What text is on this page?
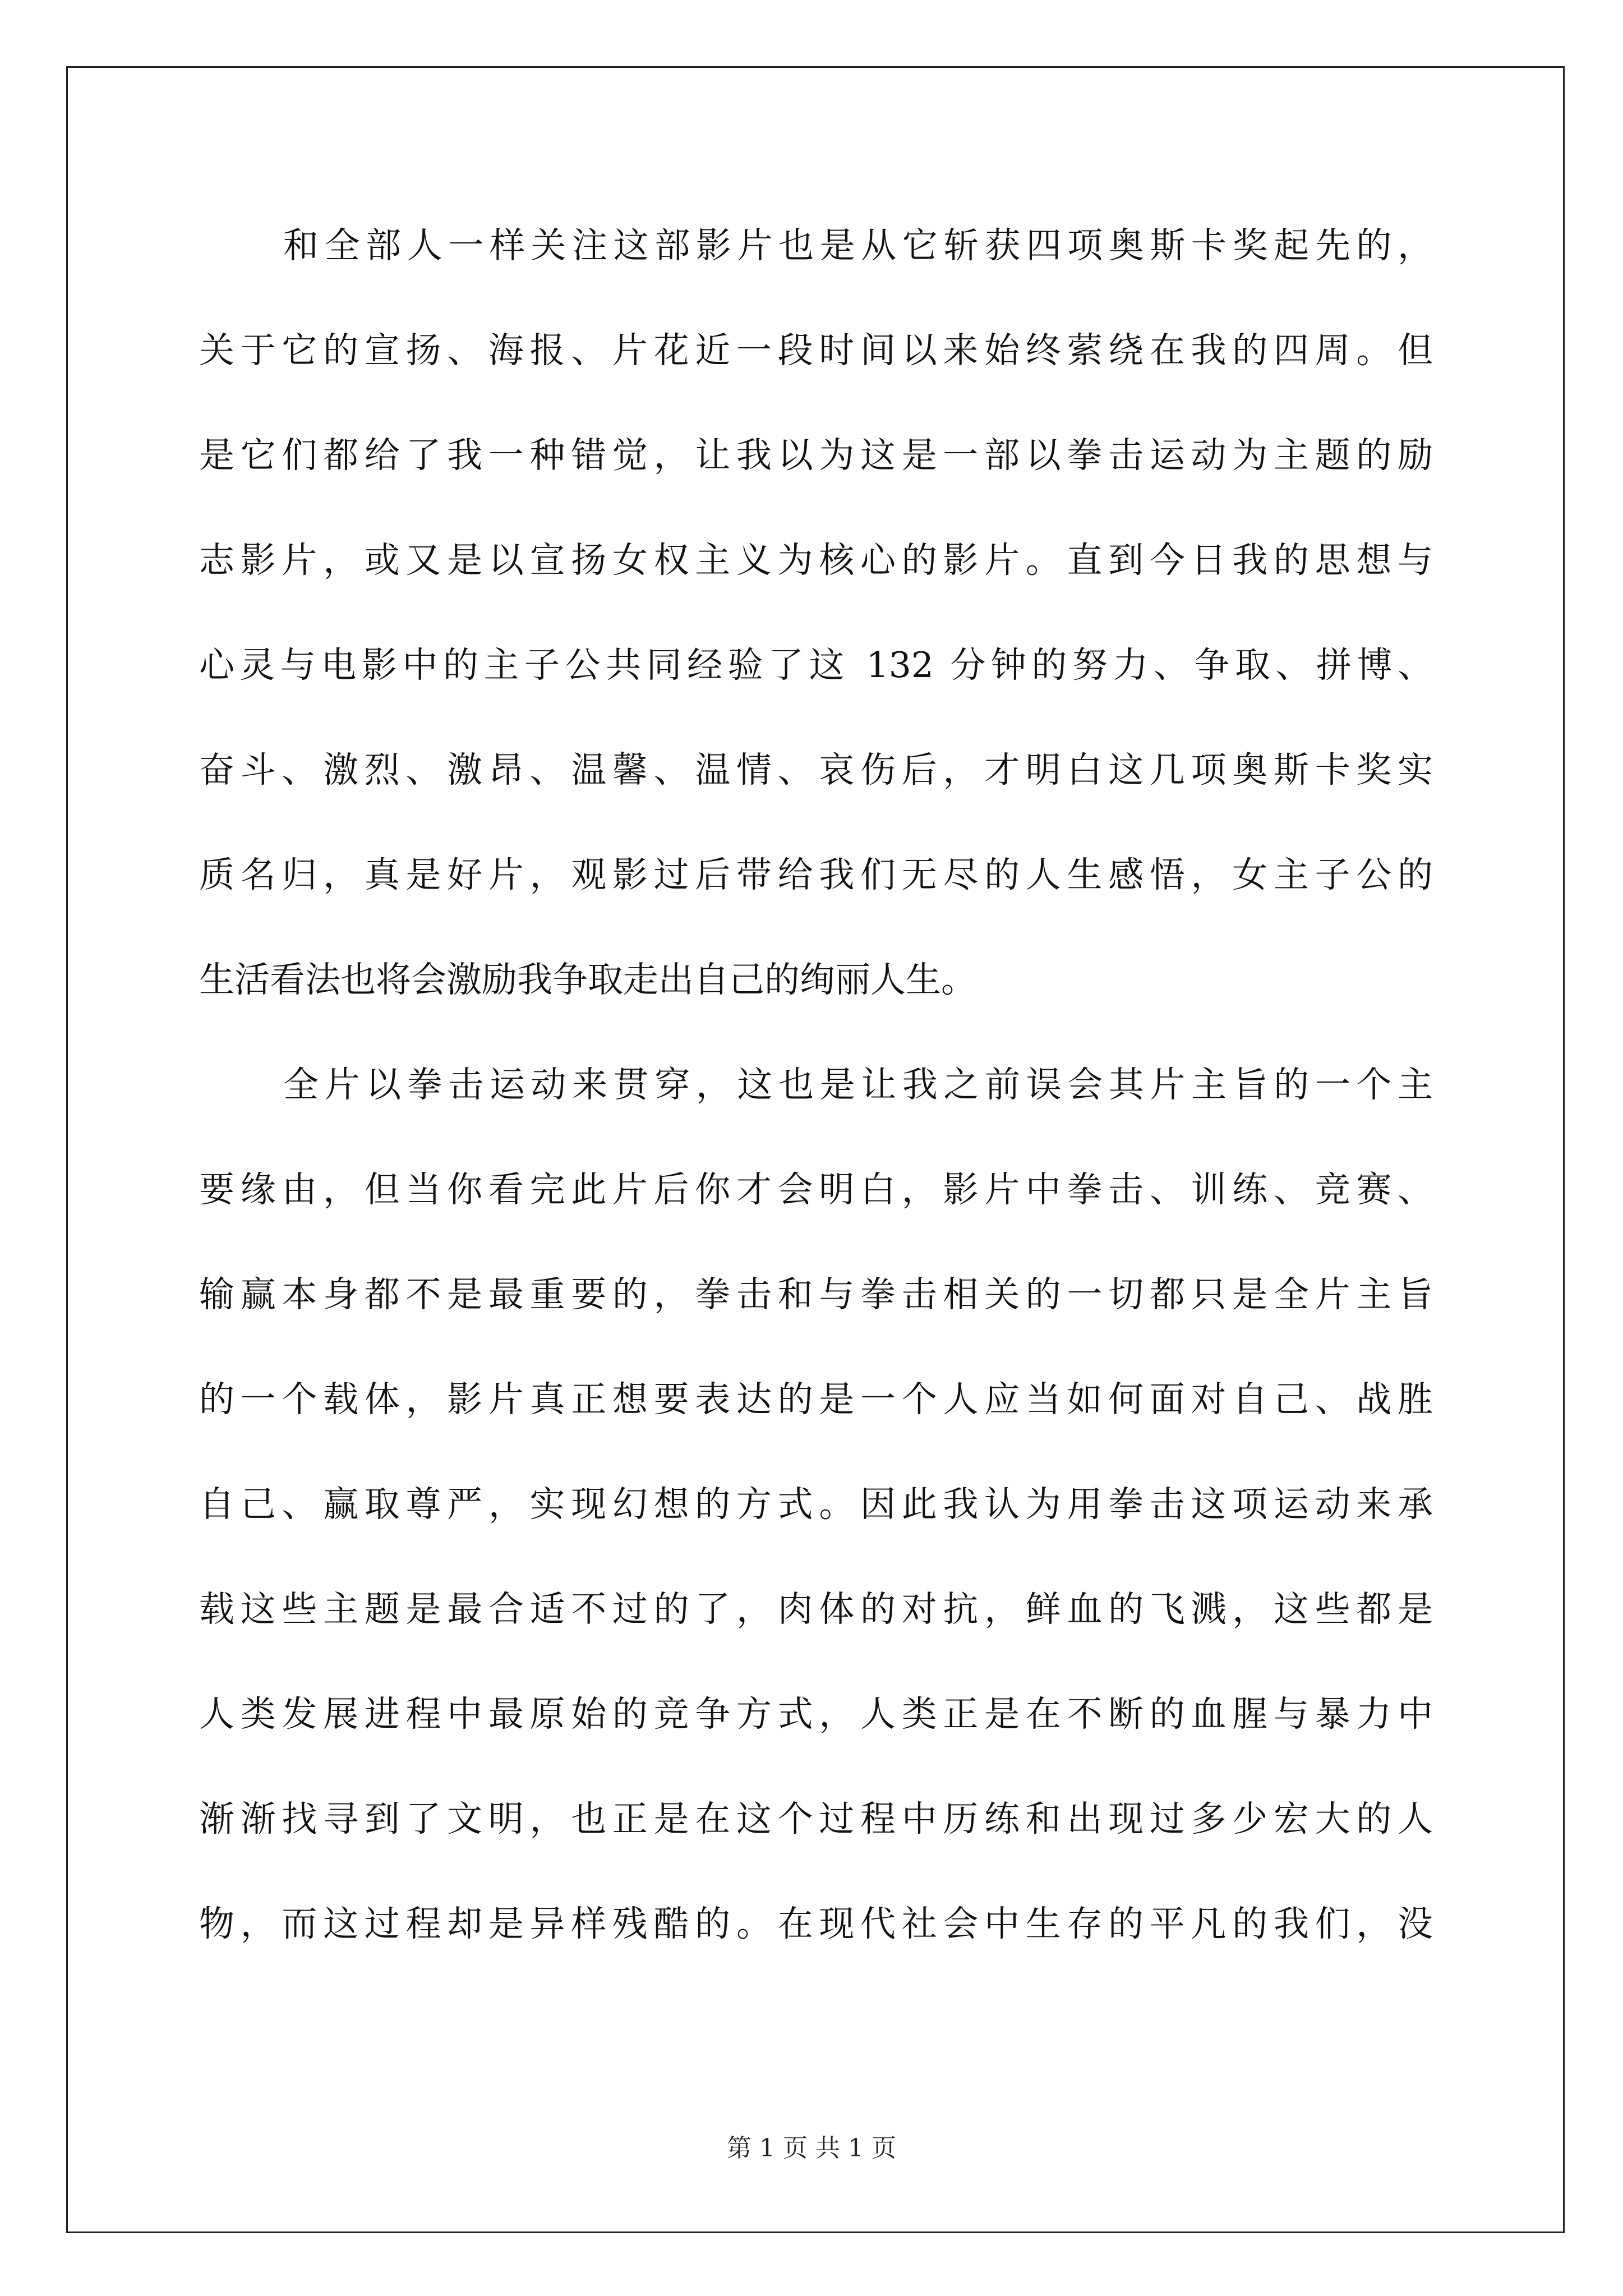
和全部人一样关注这部影片也是从它斩获四项奥斯卡奖起先的，
关于它的宣扬、海报、片花近一段时间以来始终萦绕在我的四周。但
是它们都给了我一种错觉，让我以为这是一部以拳击运动为主题的励
志影片，或又是以宣扬女权主义为核心的影片。直到今日我的思想与
心灵与电影中的主子公共同经验了这 132 分钟的努力、争取、拼博、
奋斗、激烈、激昂、温馨、温情、哀伤后，才明白这几项奥斯卡奖实
质名归，真是好片，观影过后带给我们无尽的人生感悟，女主子公的
生活看法也将会激励我争取走出自己的绚丽人生。
全片以拳击运动来贯穿，这也是让我之前误会其片主旨的一个主
要缘由，但当你看完此片后你才会明白，影片中拳击、训练、竞赛、
输赢本身都不是最重要的，拳击和与拳击相关的一切都只是全片主旨
的一个载体，影片真正想要表达的是一个人应当如何面对自己、战胜
自己、赢取尊严，实现幻想的方式。因此我认为用拳击这项运动来承
载这些主题是最合适不过的了，肉体的对抗，鲜血的飞溅，这些都是
人类发展进程中最原始的竞争方式，人类正是在不断的血腥与暴力中
渐渐找寻到了文明，也正是在这个过程中历练和出现过多少宏大的人
物，而这过程却是异样残酷的。在现代社会中生存的平凡的我们，没
第 1 页 共 1 页
